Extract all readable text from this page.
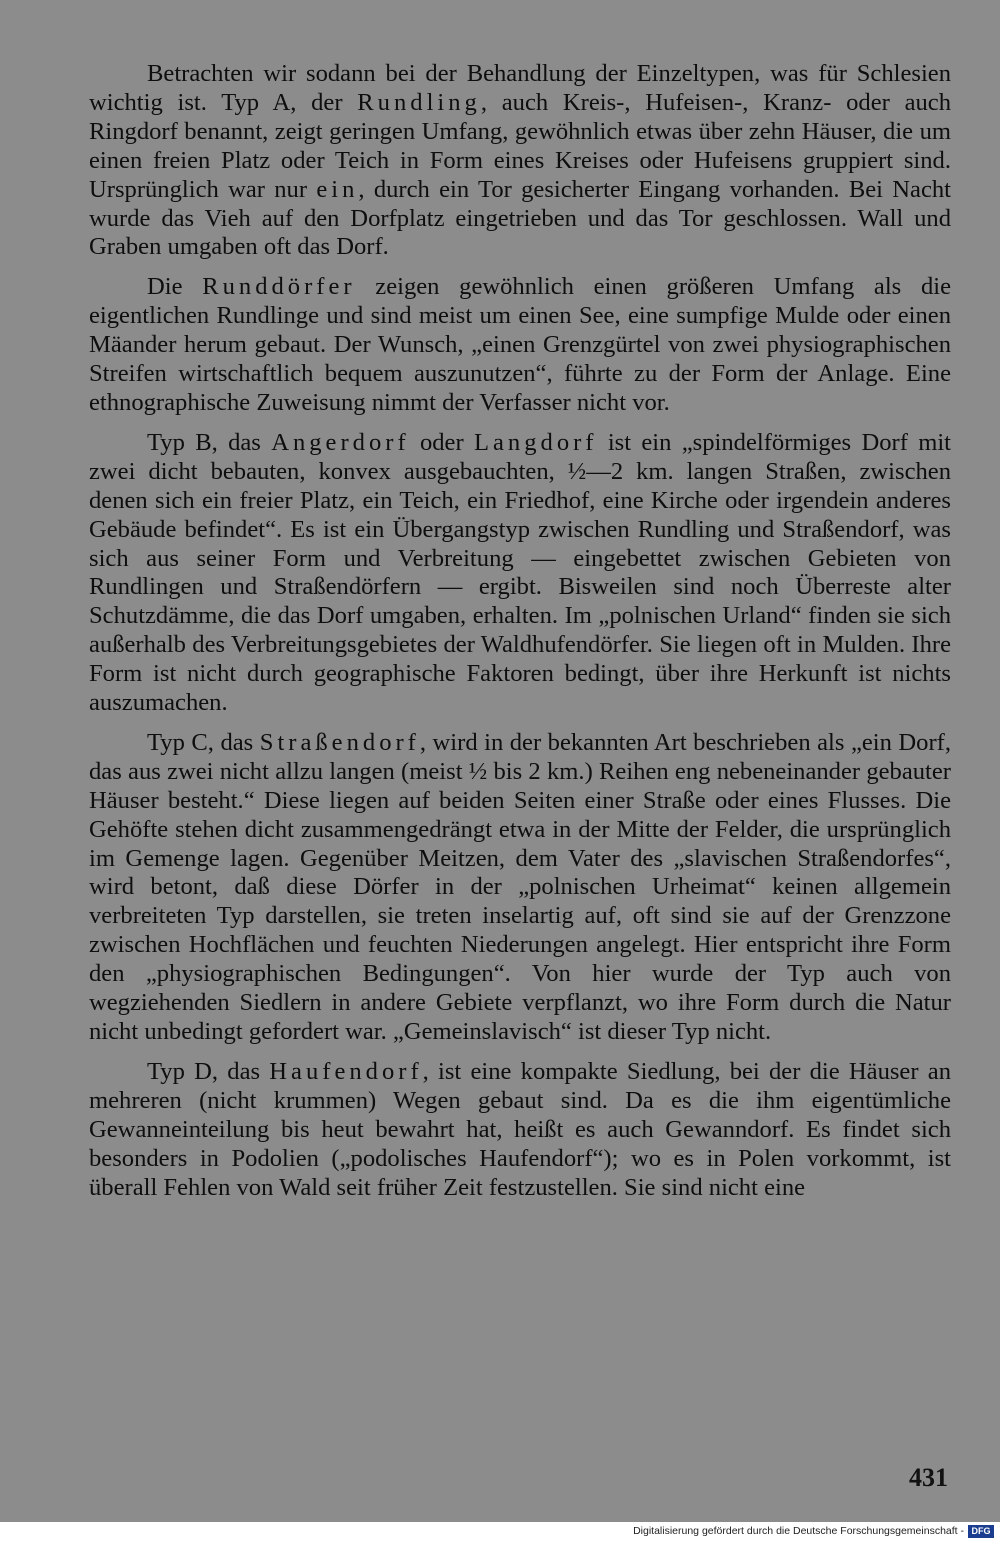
Betrachten wir sodann bei der Behandlung der Einzeltypen, was für Schlesien wichtig ist. Typ A, der Rundling, auch Kreis-, Hufeisen-, Kranz- oder auch Ringdorf benannt, zeigt geringen Umfang, gewöhnlich etwas über zehn Häuser, die um einen freien Platz oder Teich in Form eines Kreises oder Hufeisens gruppiert sind. Ursprünglich war nur ein, durch ein Tor gesicherter Eingang vorhanden. Bei Nacht wurde das Vieh auf den Dorfplatz eingetrieben und das Tor geschlossen. Wall und Graben umgaben oft das Dorf.

Die Runddörfer zeigen gewöhnlich einen größeren Umfang als die eigentlichen Rundlinge und sind meist um einen See, eine sumpfige Mulde oder einen Mäander herum gebaut. Der Wunsch, „einen Grenzgürtel von zwei physiographischen Streifen wirtschaftlich bequem auszunutzen“, führte zu der Form der Anlage. Eine ethnographische Zuweisung nimmt der Verfasser nicht vor.

Typ B, das Angerdorf oder Langdorf ist ein „spindelförmiges Dorf mit zwei dicht bebauten, konvex ausgebauchten, ½—2 km. langen Straßen, zwischen denen sich ein freier Platz, ein Teich, ein Friedhof, eine Kirche oder irgendein anderes Gebäude befindet“. Es ist ein Übergangstyp zwischen Rundling und Straßendorf, was sich aus seiner Form und Verbreitung — eingebettet zwischen Gebieten von Rundlingen und Straßendörfern — ergibt. Bisweilen sind noch Überreste alter Schutzdämme, die das Dorf umgaben, erhalten. Im „polnischen Urland“ finden sie sich außerhalb des Verbreitungsgebietes der Waldhufendörfer. Sie liegen oft in Mulden. Ihre Form ist nicht durch geographische Faktoren bedingt, über ihre Herkunft ist nichts auszumachen.

Typ C, das Straßendorf, wird in der bekannten Art beschrieben als „ein Dorf, das aus zwei nicht allzu langen (meist ½ bis 2 km.) Reihen eng nebeneinander gebauter Häuser besteht.“ Diese liegen auf beiden Seiten einer Straße oder eines Flusses. Die Gehöfte stehen dicht zusammengedrängt etwa in der Mitte der Felder, die ursprünglich im Gemenge lagen. Gegenüber Meitzen, dem Vater des „slavischen Straßendorfes“, wird betont, daß diese Dörfer in der „polnischen Urheimat“ keinen allgemein verbreiteten Typ darstellen, sie treten inselartig auf, oft sind sie auf der Grenzzone zwischen Hochflächen und feuchten Niederungen angelegt. Hier entspricht ihre Form den „physiographischen Bedingungen“. Von hier wurde der Typ auch von wegziehenden Siedlern in andere Gebiete verpflanzt, wo ihre Form durch die Natur nicht unbedingt gefordert war. „Gemeinslavisch“ ist dieser Typ nicht.

Typ D, das Haufendorf, ist eine kompakte Siedlung, bei der die Häuser an mehreren (nicht krummen) Wegen gebaut sind. Da es die ihm eigentümliche Gewanneinteilung bis heut bewahrt hat, heißt es auch Gewanndorf. Es findet sich besonders in Podolien („podolisches Haufendorf“); wo es in Polen vorkommt, ist überall Fehlen von Wald seit früher Zeit festzustellen. Sie sind nicht eine

431
Digitalisierung gefördert durch die Deutsche Forschungsgemeinschaft - DFG
